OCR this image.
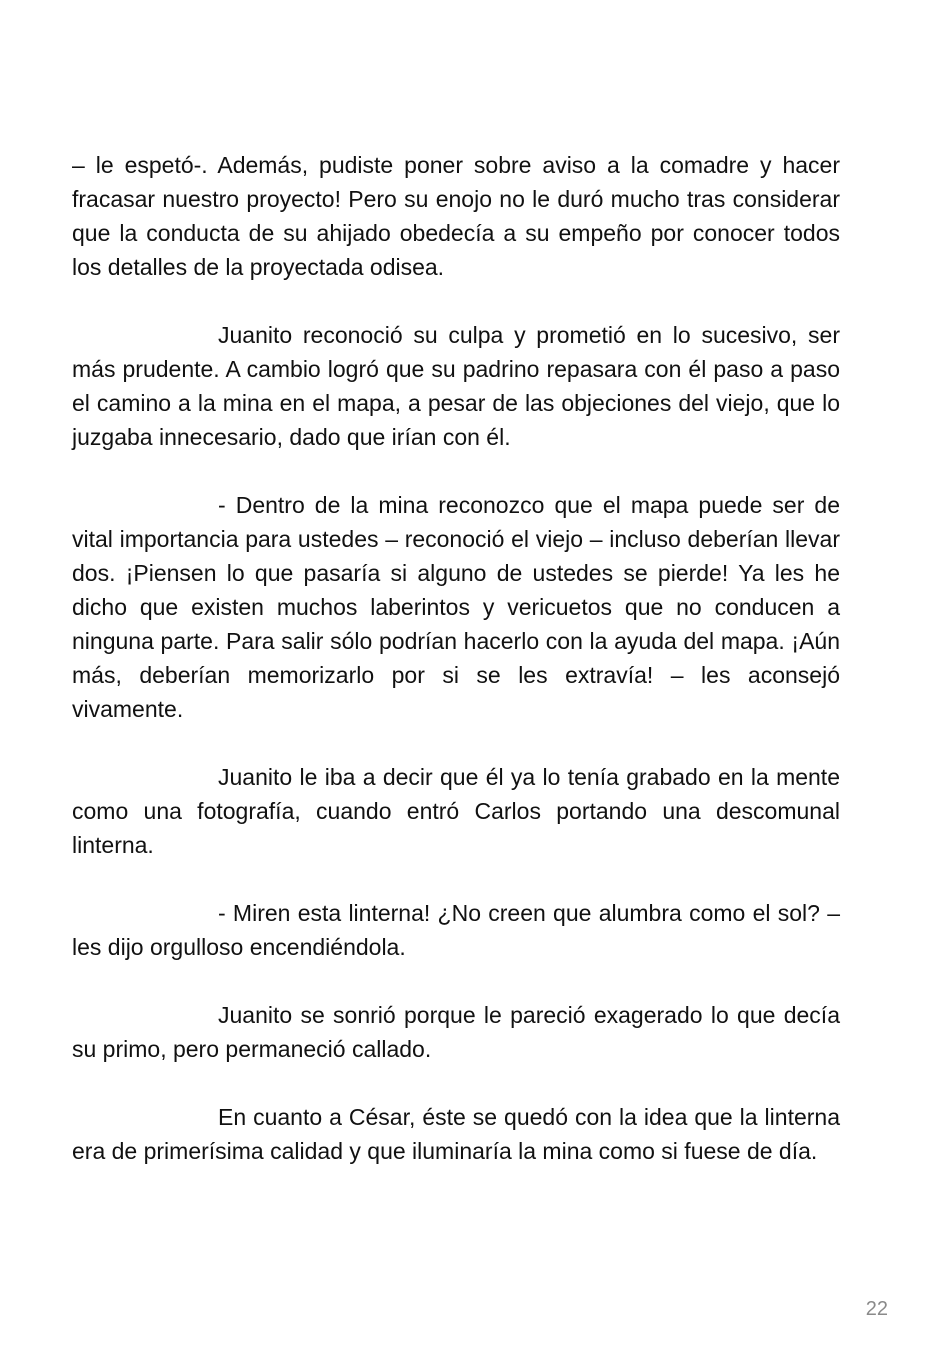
– le espetó-. Además, pudiste poner sobre aviso a la comadre y hacer fracasar nuestro proyecto! Pero su enojo no le duró mucho tras considerar que la conducta de su ahijado obedecía a su empeño por conocer todos los detalles de la proyectada odisea.

Juanito reconoció su culpa y prometió en lo sucesivo, ser más prudente. A cambio logró que su padrino repasara con él paso a paso el camino a la mina en el mapa, a pesar de las objeciones del viejo, que lo juzgaba innecesario, dado que irían con él.

- Dentro de la mina reconozco que el mapa puede ser de vital importancia para ustedes – reconoció el viejo – incluso deberían llevar dos. ¡Piensen lo que pasaría si alguno de ustedes se pierde! Ya les he dicho que existen muchos laberintos y vericuetos que no conducen a ninguna parte. Para salir sólo podrían hacerlo con la ayuda del mapa. ¡Aún más, deberían memorizarlo por si se les extravía! – les aconsejó vivamente.

Juanito le iba a decir que él ya lo tenía grabado en la mente como una fotografía, cuando entró Carlos portando una descomunal linterna.

- Miren esta linterna! ¿No creen que alumbra como el sol? – les dijo orgulloso encendiéndola.

Juanito se sonrió porque le pareció exagerado lo que decía su primo, pero permaneció callado.

En cuanto a César, éste se quedó con la idea que la linterna era de primerísima calidad y que iluminaría la mina como si fuese de día.

22
